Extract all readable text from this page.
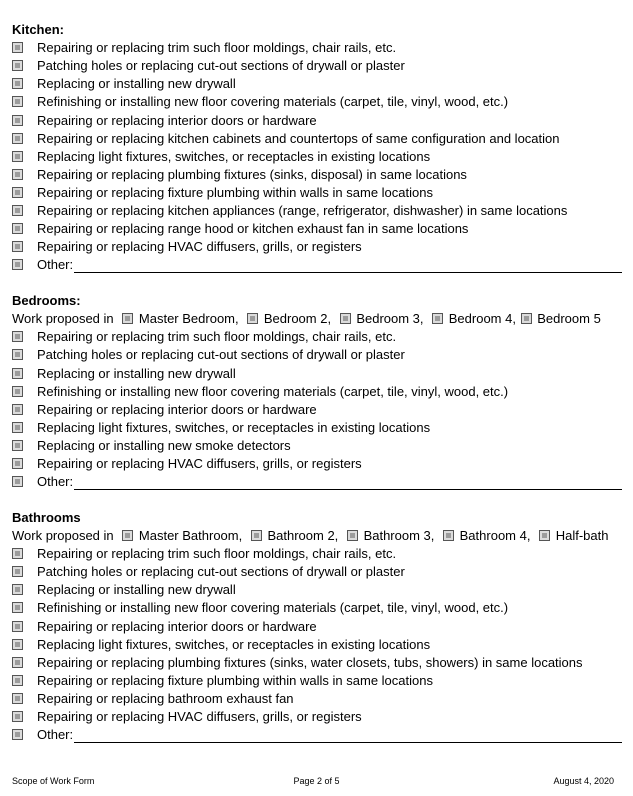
Kitchen:
Repairing or replacing trim such floor moldings, chair rails, etc.
Patching holes or replacing cut-out sections of drywall or plaster
Replacing or installing new drywall
Refinishing or installing new floor covering materials (carpet, tile, vinyl, wood, etc.)
Repairing or replacing interior doors or hardware
Repairing or replacing kitchen cabinets and countertops of same configuration and location
Replacing light fixtures, switches, or receptacles in existing locations
Repairing or replacing plumbing fixtures (sinks, disposal) in same locations
Repairing or replacing fixture plumbing within walls in same locations
Repairing or replacing kitchen appliances (range, refrigerator, dishwasher) in same locations
Repairing or replacing range hood or kitchen exhaust fan in same locations
Repairing or replacing HVAC diffusers, grills, or registers
Other:
Bedrooms:
Work proposed in Master Bedroom, Bedroom 2, Bedroom 3, Bedroom 4, Bedroom 5
Repairing or replacing trim such floor moldings, chair rails, etc.
Patching holes or replacing cut-out sections of drywall or plaster
Replacing or installing new drywall
Refinishing or installing new floor covering materials (carpet, tile, vinyl, wood, etc.)
Repairing or replacing interior doors or hardware
Replacing light fixtures, switches, or receptacles in existing locations
Replacing or installing new smoke detectors
Repairing or replacing HVAC diffusers, grills, or registers
Other:
Bathrooms
Work proposed in Master Bathroom, Bathroom 2, Bathroom 3, Bathroom 4, Half-bath
Repairing or replacing trim such floor moldings, chair rails, etc.
Patching holes or replacing cut-out sections of drywall or plaster
Replacing or installing new drywall
Refinishing or installing new floor covering materials (carpet, tile, vinyl, wood, etc.)
Repairing or replacing interior doors or hardware
Replacing light fixtures, switches, or receptacles in existing locations
Repairing or replacing plumbing fixtures (sinks, water closets, tubs, showers) in same locations
Repairing or replacing fixture plumbing within walls in same locations
Repairing or replacing bathroom exhaust fan
Repairing or replacing HVAC diffusers, grills, or registers
Other:
Scope of Work Form	Page 2 of 5	August 4, 2020
